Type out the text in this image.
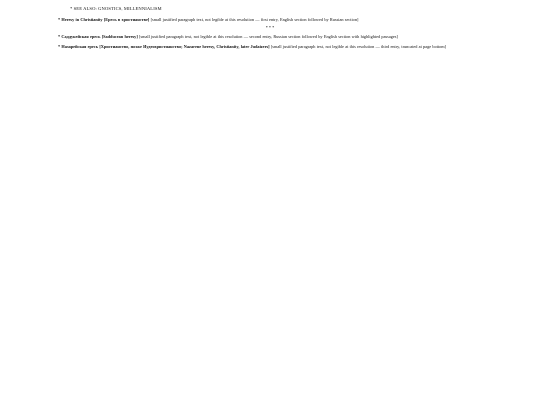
* SEE ALSO: GNOSTICS, MILLENNIALISM
* Heresy in Christianity [Ересь в христианстве] [small justified paragraph text, not legible at this resolution — first entry, English section followed by Russian section]
* * *
* Саддукейская ересь [Sadducean heresy] [small justified paragraph text, not legible at this resolution — second entry, Russian section followed by English section with highlighted passages]
* Назарейская ересь [Христианство, позже Иудеохристианство; Nazarene heresy, Christianity, later Judaizers] [small justified paragraph text, not legible at this resolution — third entry, truncated at page bottom]
